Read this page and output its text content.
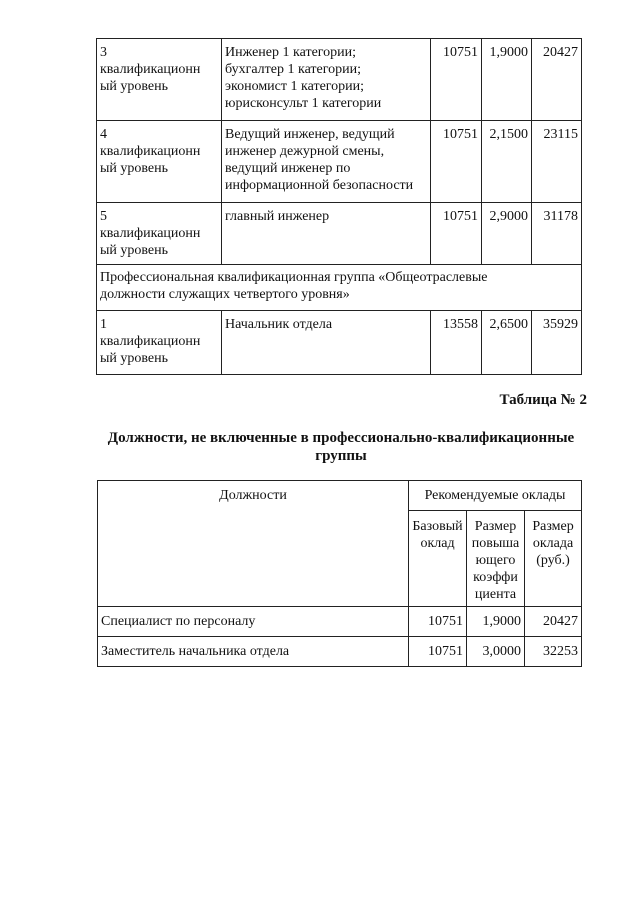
3
квалификационн
ый уровень	Инженер 1 категории;
бухгалтер 1 категории;
экономист 1 категории;
юрисконсульт 1 категории	10751	1,9000	20427

4
квалификационн
ый уровень	Ведущий инженер, ведущий
инженер дежурной смены,
ведущий инженер по
информационной безопасности	10751	2,1500	23115

5
квалификационн
ый уровень	главный инженер	10751	2,9000	31178

Профессиональная квалификационная группа «Общеотраслевые
должности служащих четвертого уровня»				

1
квалификационн
ый уровень	Начальник отдела	13558	2,6500	35929
Таблица № 2
Должности, не включенные в профессионально-квалификационные
группы
Должности	Рекомендуемые оклады		

	Базовый
оклад	Размер
повыша
ющего
коэффи
циента	Размер
оклада
(руб.)

Специалист по персоналу	10751	1,9000	20427
Заместитель начальника отдела	10751	3,0000	32253
